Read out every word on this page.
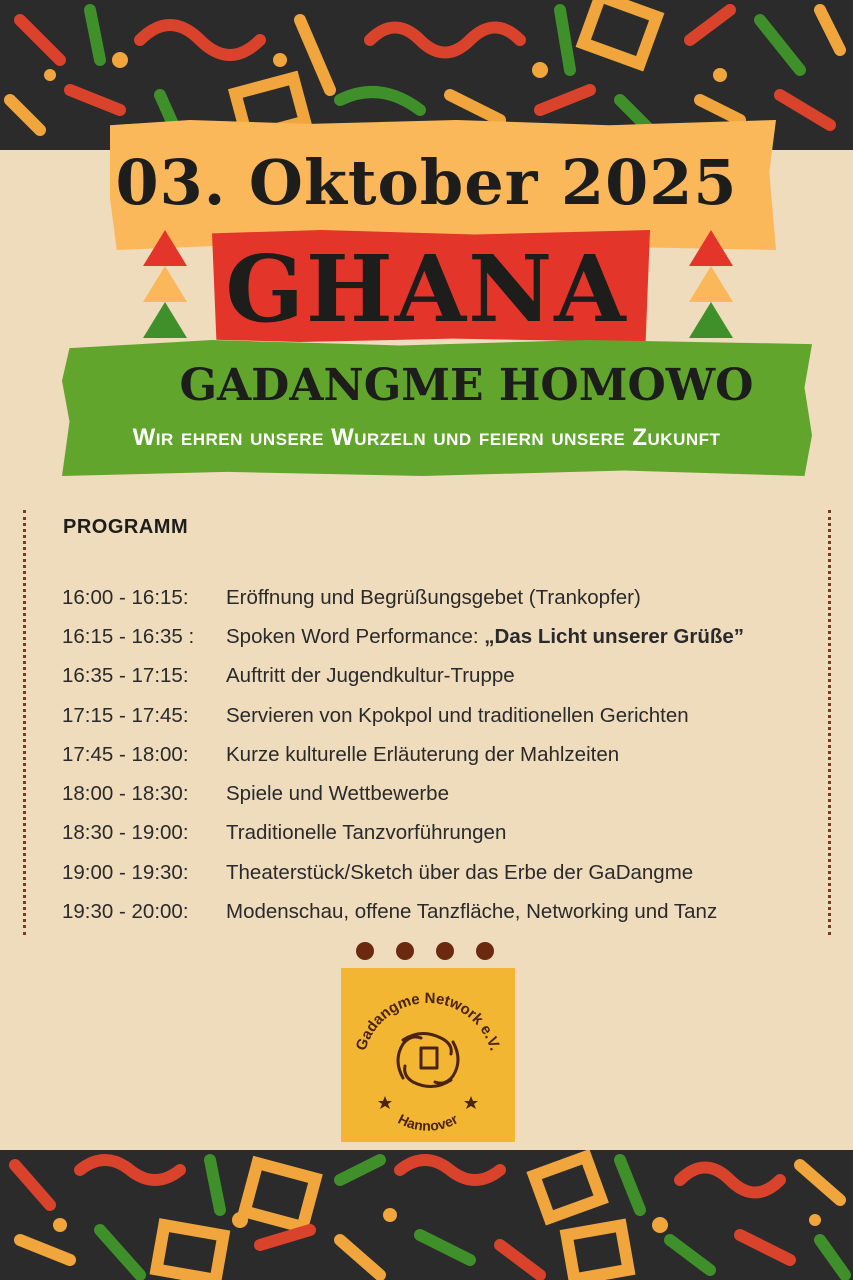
03. Oktober 2025
GHANA
GADANGME HOMOWO
Wir ehren unsere Wurzeln und feiern unsere Zukunft
PROGRAMM
16:00 - 16:15:	Eröffnung und Begrüßungsgebet (Trankopfer)
16:15 - 16:35 :	Spoken Word Performance: „Das Licht unserer Grüße”
16:35 - 17:15:	Auftritt der Jugendkultur-Truppe
17:15 - 17:45:	Servieren von Kpokpol und traditionellen Gerichten
17:45 - 18:00:	Kurze kulturelle Erläuterung der Mahlzeiten
18:00 - 18:30:	Spiele und Wettbewerbe
18:30 - 19:00:	Traditionelle Tanzvorführungen
19:00 - 19:30:	Theaterstück/Sketch über das Erbe der GaDangme
19:30 - 20:00:	Modenschau, offene Tanzfläche, Networking und Tanz
Gadangme Network e.V.
Hannover
